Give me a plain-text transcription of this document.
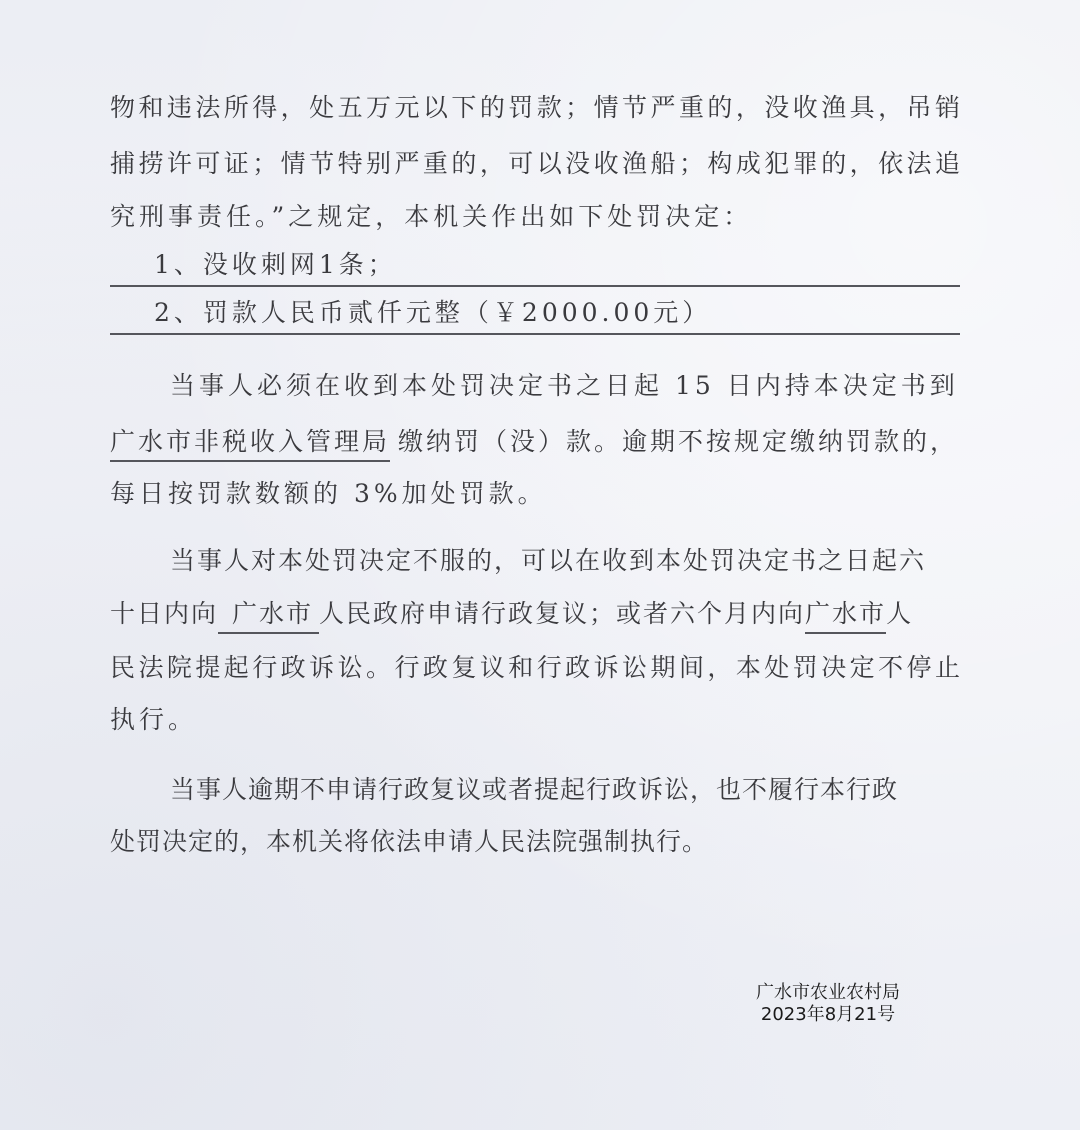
物和违法所得，处五万元以下的罚款；情节严重的，没收渔具，吊销
捕捞许可证；情节特别严重的，可以没收渔船；构成犯罪的，依法追
究刑事责任。”之规定，本机关作出如下处罚决定：
1、没收刺网1条；
2、罚款人民币贰仟元整（￥2000.00元）
当事人必须在收到本处罚决定书之日起 15 日内持本决定书到
广水市非税收入管理局 缴纳罚（没）款。逾期不按规定缴纳罚款的，
每日按罚款数额的 3%加处罚款。
当事人对本处罚决定不服的，可以在收到本处罚决定书之日起六
十日内向 广水市 人民政府申请行政复议；或者六个月内向广水市人
民法院提起行政诉讼。行政复议和行政诉讼期间，本处罚决定不停止
执行。
当事人逾期不申请行政复议或者提起行政诉讼，也不履行本行政
处罚决定的，本机关将依法申请人民法院强制执行。
广水市农业农村局
2023年8月21号
